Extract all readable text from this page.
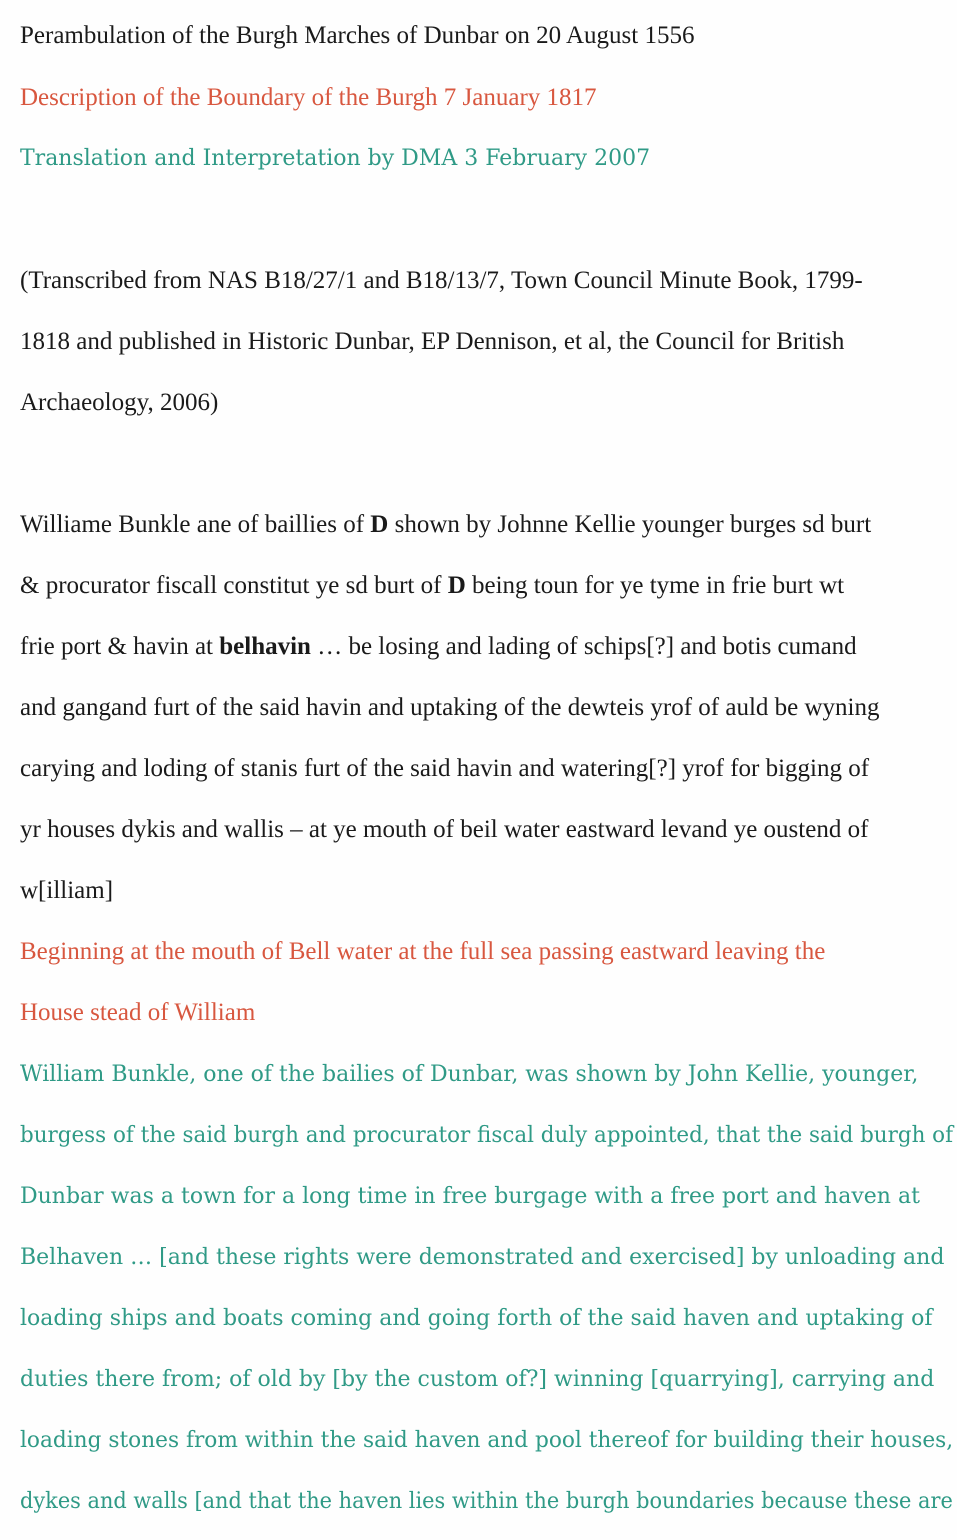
Perambulation of the Burgh Marches of Dunbar on 20 August 1556
Description of the Boundary of the Burgh 7 January 1817
Translation and Interpretation by DMA 3 February 2007
(Transcribed from NAS B18/27/1 and B18/13/7, Town Council Minute Book, 1799-
1818 and published in Historic Dunbar, EP Dennison, et al, the Council for British
Archaeology, 2006)
Williame Bunkle ane of baillies of D shown by Johnne Kellie younger burges sd burt
& procurator fiscall constitut ye sd burt of D being toun for ye tyme in frie burt wt
frie port & havin at belhavin … be losing and lading of schips[?] and botis cumand
and gangand furt of the said havin and uptaking of the dewteis yrof of auld be wyning
carying and loding of stanis furt of the said havin and watering[?] yrof for bigging of
yr houses dykis and wallis – at ye mouth of beil water eastward levand ye oustend of
w[illiam]
Beginning at the mouth of Bell water at the full sea passing eastward leaving the
House stead of William
William Bunkle, one of the bailies of Dunbar, was shown by John Kellie, younger,
burgess of the said burgh and procurator fiscal duly appointed, that the said burgh of
Dunbar was a town for a long time in free burgage with a free port and haven at
Belhaven … [and these rights were demonstrated and exercised] by unloading and
loading ships and boats coming and going forth of the said haven and uptaking of
duties there from; of old by [by the custom of?] winning [quarrying], carrying and
loading stones from within the said haven and pool thereof for building their houses,
dykes and walls [and that the haven lies within the burgh boundaries because these are
